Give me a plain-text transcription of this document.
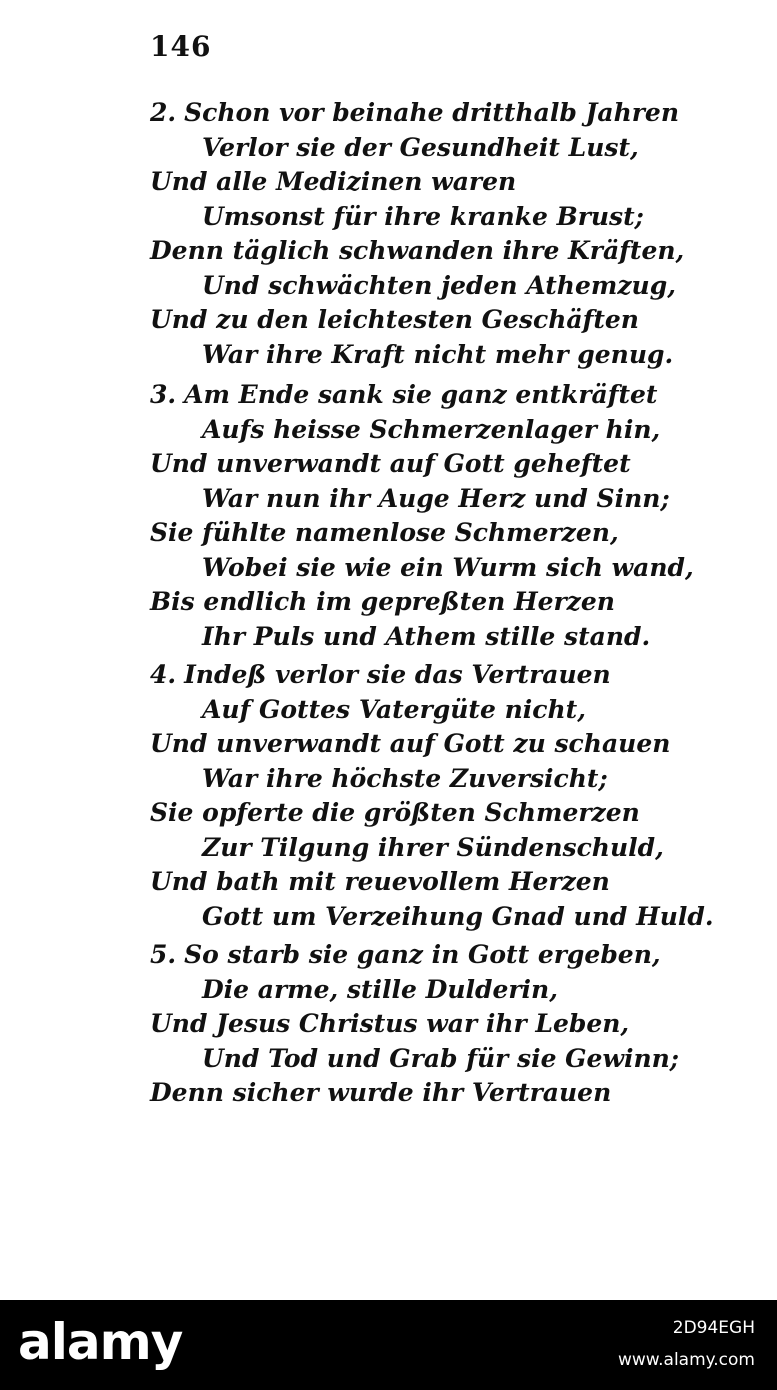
146
2. Schon vor beinahe dritthalb Jahren
Verlor sie der Gesundheit Lust,
Und alle Medizinen waren
Umsonst für ihre kranke Brust;
Denn täglich schwanden ihre Kräften,
Und schwächten jeden Athemzug,
Und zu den leichtesten Geschäften
War ihre Kraft nicht mehr genug.
3. Am Ende sank sie ganz entkräftet
Aufs heisse Schmerzenlager hin,
Und unverwandt auf Gott geheftet
War nun ihr Auge Herz und Sinn;
Sie fühlte namenlose Schmerzen,
Wobei sie wie ein Wurm sich wand,
Bis endlich im gepreßten Herzen
Ihr Puls und Athem stille stand.
4. Indeß verlor sie das Vertrauen
Auf Gottes Vatergüte nicht,
Und unverwandt auf Gott zu schauen
War ihre höchste Zuversicht;
Sie opferte die größten Schmerzen
Zur Tilgung ihrer Sündenschuld,
Und bath mit reuevollem Herzen
Gott um Verzeihung Gnad und Huld.
5. So starb sie ganz in Gott ergeben,
Die arme, stille Dulderin,
Und Jesus Christus war ihr Leben,
Und Tod und Grab für sie Gewinn;
Denn sicher wurde ihr Vertrauen
alamy	2D94EGH
www.alamy.com
